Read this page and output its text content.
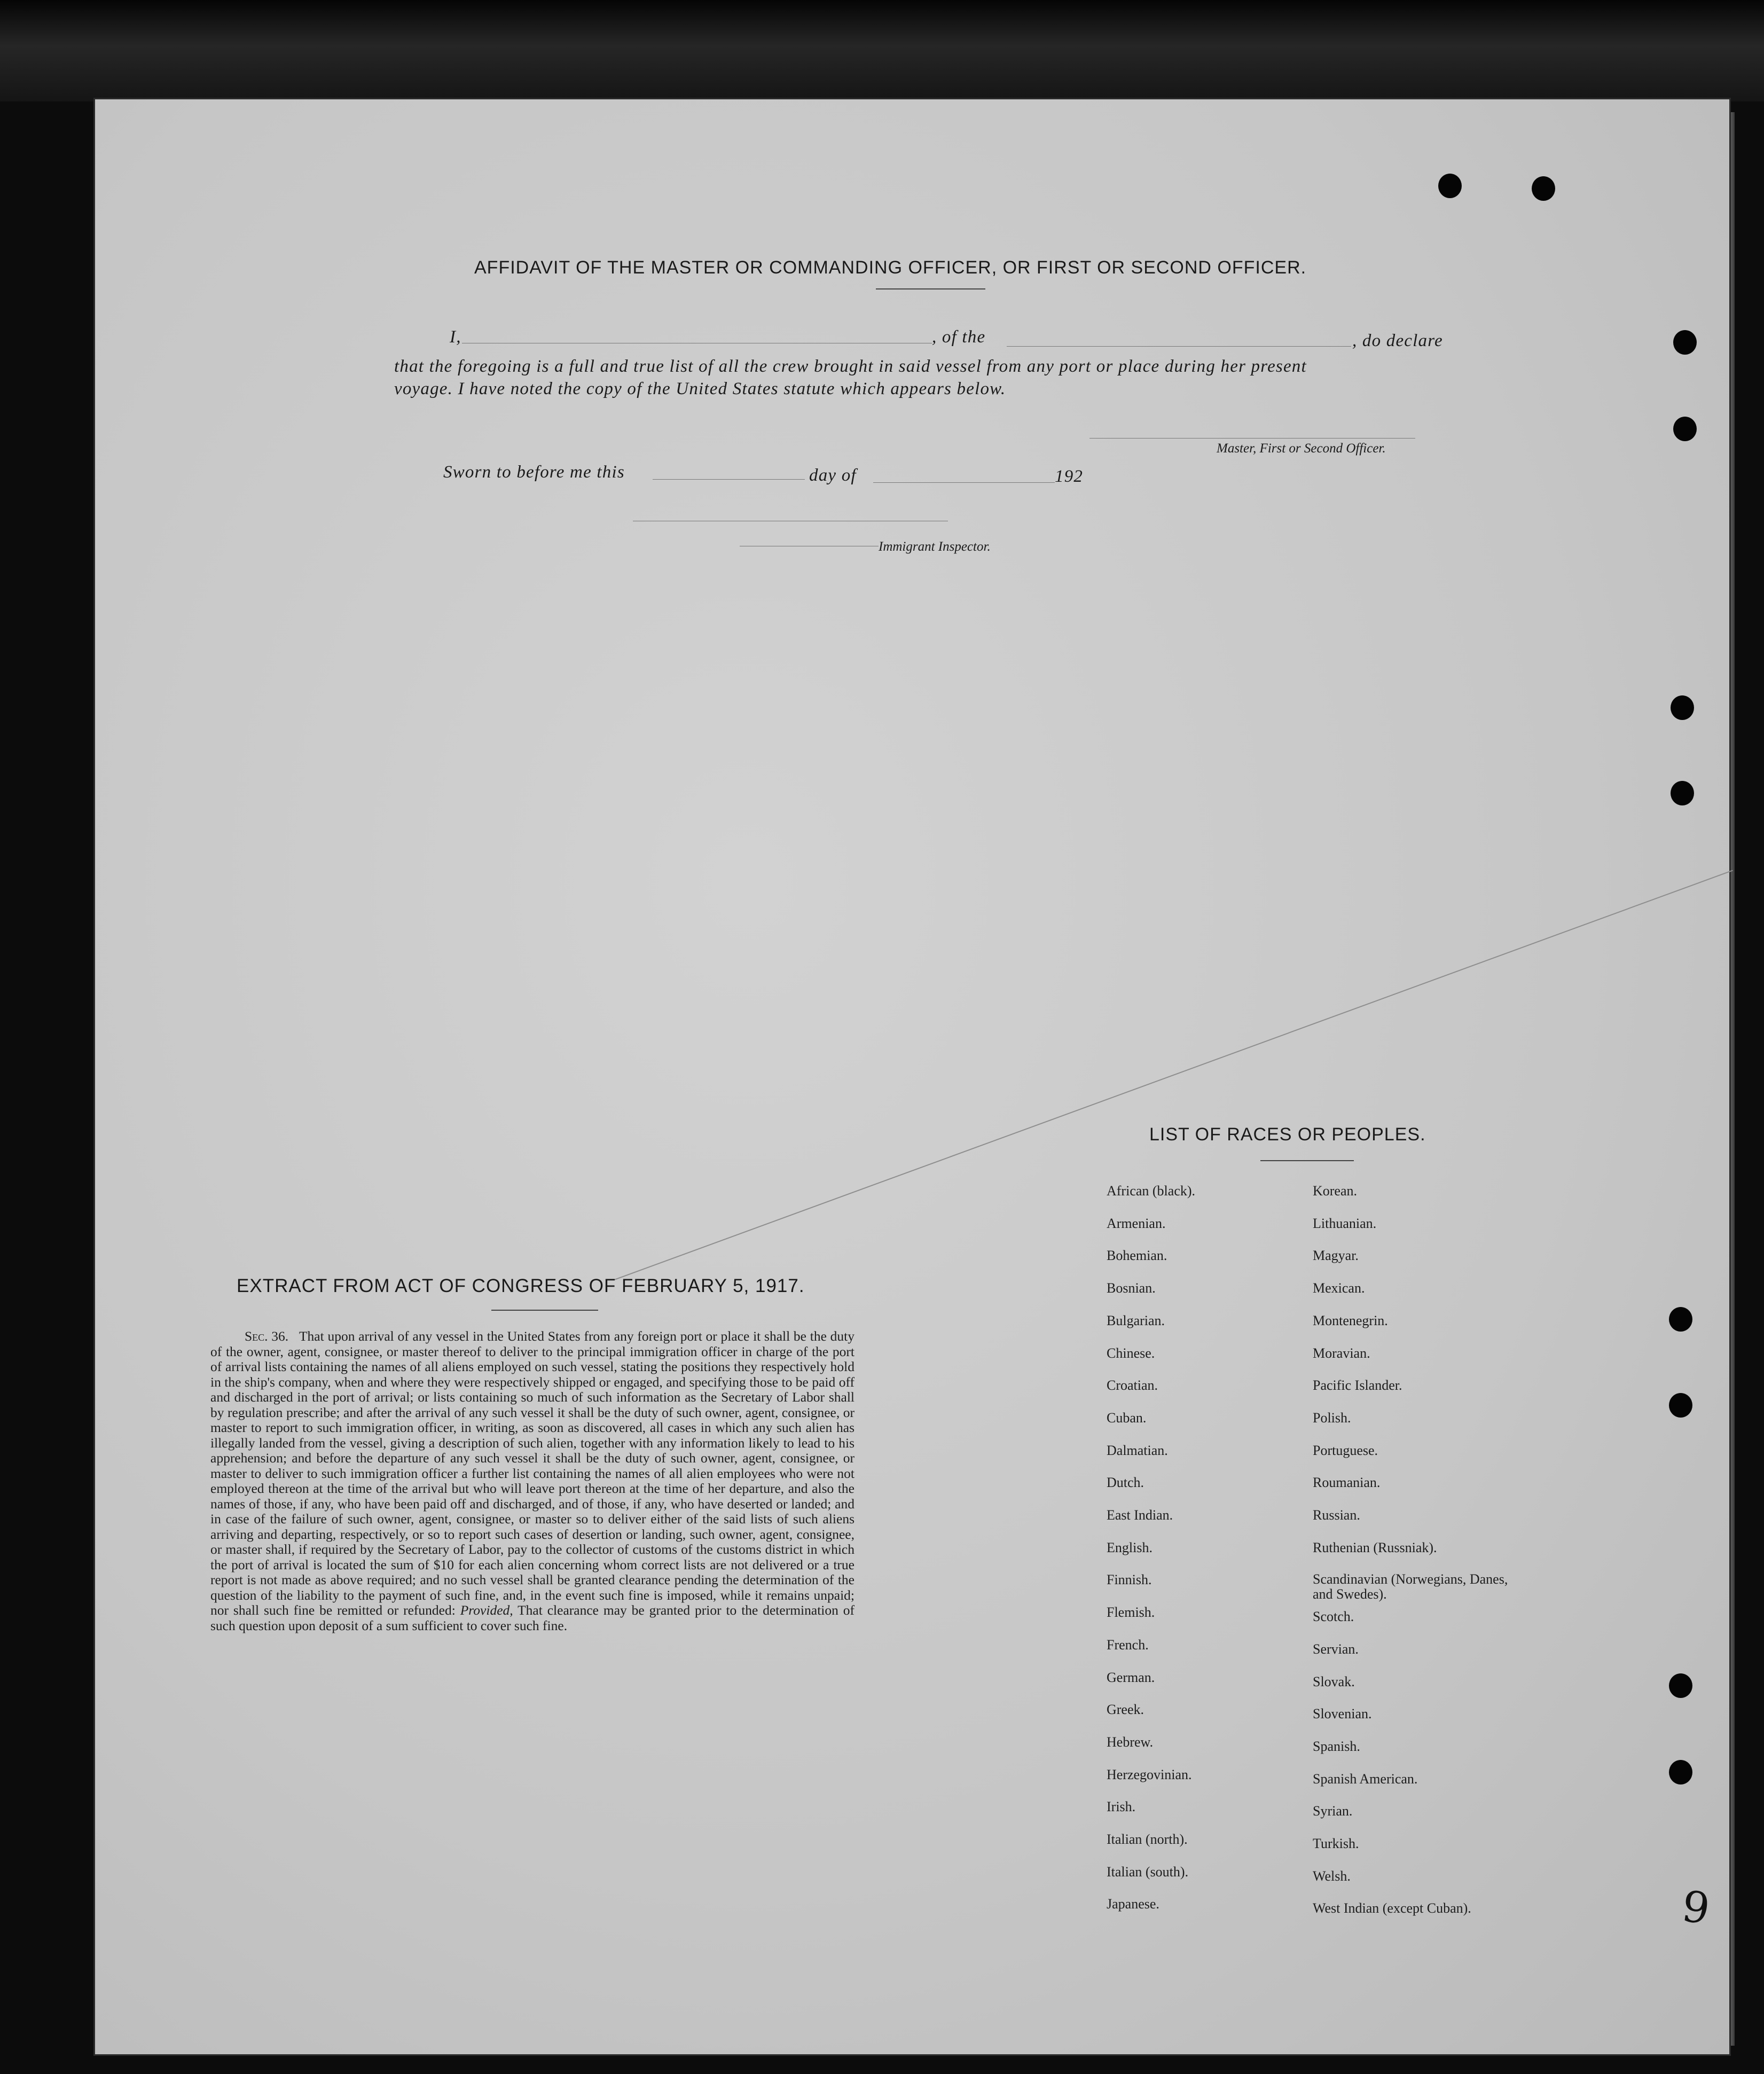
AFFIDAVIT OF THE MASTER OR COMMANDING OFFICER, OR FIRST OR SECOND OFFICER.
I,	, of the	, do declare
that the foregoing is a full and true list of all the crew brought in said vessel from any port or place during her present
voyage. I have noted the copy of the United States statute which appears below.
Master, First or Second Officer.
Sworn to before me this	day of	192
Immigrant Inspector.
EXTRACT FROM ACT OF CONGRESS OF FEBRUARY 5, 1917.
Sec. 36. That upon arrival of any vessel in the United States from any foreign port or place it shall be the duty of the owner, agent, consignee, or master thereof to deliver to the principal immigration officer in charge of the port of arrival lists containing the names of all aliens employed on such vessel, stating the positions they respectively hold in the ship's company, when and where they were respectively shipped or engaged, and specifying those to be paid off and discharged in the port of arrival; or lists containing so much of such information as the Secretary of Labor shall by regulation prescribe; and after the arrival of any such vessel it shall be the duty of such owner, agent, consignee, or master to report to such immigration officer, in writing, as soon as discovered, all cases in which any such alien has illegally landed from the vessel, giving a description of such alien, together with any information likely to lead to his apprehension; and before the departure of any such vessel it shall be the duty of such owner, agent, consignee, or master to deliver to such immigration officer a further list containing the names of all alien employees who were not employed thereon at the time of the arrival but who will leave port thereon at the time of her departure, and also the names of those, if any, who have been paid off and discharged, and of those, if any, who have deserted or landed; and in case of the failure of such owner, agent, consignee, or master so to deliver either of the said lists of such aliens arriving and departing, respectively, or so to report such cases of desertion or landing, such owner, agent, consignee, or master shall, if required by the Secretary of Labor, pay to the collector of customs of the customs district in which the port of arrival is located the sum of $10 for each alien concerning whom correct lists are not delivered or a true report is not made as above required; and no such vessel shall be granted clearance pending the determination of the question of the liability to the payment of such fine, and, in the event such fine is imposed, while it remains unpaid; nor shall such fine be remitted or refunded: Provided, That clearance may be granted prior to the determination of such question upon deposit of a sum sufficient to cover such fine.
LIST OF RACES OR PEOPLES.
African (black).
Armenian.
Bohemian.
Bosnian.
Bulgarian.
Chinese.
Croatian.
Cuban.
Dalmatian.
Dutch.
East Indian.
English.
Finnish.
Flemish.
French.
German.
Greek.
Hebrew.
Herzegovinian.
Irish.
Italian (north).
Italian (south).
Japanese.
Korean.
Lithuanian.
Magyar.
Mexican.
Montenegrin.
Moravian.
Pacific Islander.
Polish.
Portuguese.
Roumanian.
Russian.
Ruthenian (Russniak).
Scandinavian (Norwegians, Danes, and Swedes).
Scotch.
Servian.
Slovak.
Slovenian.
Spanish.
Spanish American.
Syrian.
Turkish.
Welsh.
West Indian (except Cuban).	9
